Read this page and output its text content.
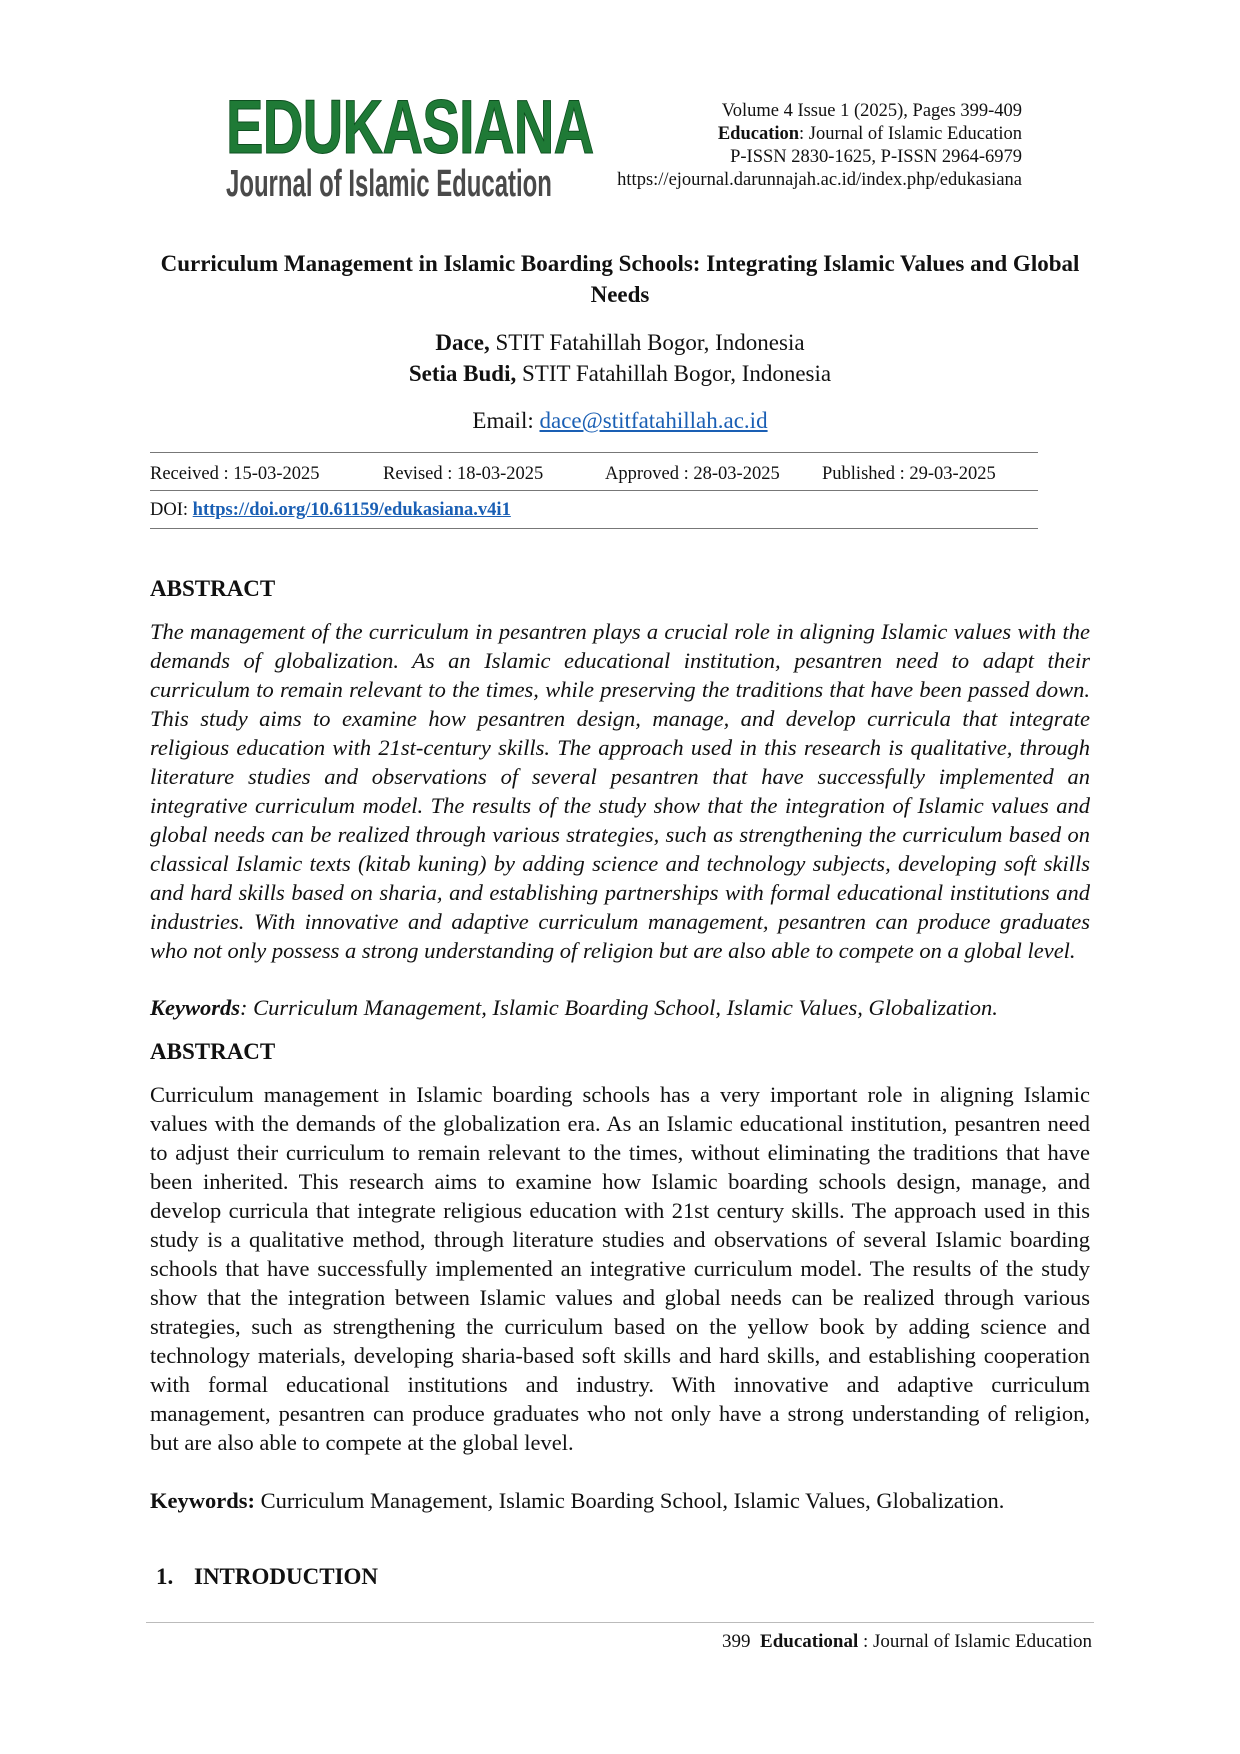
EDUKASIANA
Journal of Islamic Education
Volume 4 Issue 1 (2025), Pages 399-409
Education: Journal of Islamic Education
P-ISSN 2830-1625, P-ISSN 2964-6979
https://ejournal.darunnajah.ac.id/index.php/edukasiana
Curriculum Management in Islamic Boarding Schools: Integrating Islamic Values and Global Needs
Dace, STIT Fatahillah Bogor, Indonesia
Setia Budi, STIT Fatahillah Bogor, Indonesia
Email: dace@stitfatahillah.ac.id
Received : 15-03-2025	Revised : 18-03-2025	Approved : 28-03-2025 Published : 29-03-2025
DOI: https://doi.org/10.61159/edukasiana.v4i1
ABSTRACT

The management of the curriculum in pesantren plays a crucial role in aligning Islamic values with the demands of globalization. As an Islamic educational institution, pesantren need to adapt their curriculum to remain relevant to the times, while preserving the traditions that have been passed down. This study aims to examine how pesantren design, manage, and develop curricula that integrate religious education with 21st-century skills. The approach used in this research is qualitative, through literature studies and observations of several pesantren that have successfully implemented an integrative curriculum model. The results of the study show that the integration of Islamic values and global needs can be realized through various strategies, such as strengthening the curriculum based on classical Islamic texts (kitab kuning) by adding science and technology subjects, developing soft skills and hard skills based on sharia, and establishing partnerships with formal educational institutions and industries. With innovative and adaptive curriculum management, pesantren can produce graduates who not only possess a strong understanding of religion but are also able to compete on a global level.

Keywords: Curriculum Management, Islamic Boarding School, Islamic Values, Globalization.
ABSTRACT

Curriculum management in Islamic boarding schools has a very important role in aligning Islamic values with the demands of the globalization era. As an Islamic educational institution, pesantren need to adjust their curriculum to remain relevant to the times, without eliminating the traditions that have been inherited. This research aims to examine how Islamic boarding schools design, manage, and develop curricula that integrate religious education with 21st century skills. The approach used in this study is a qualitative method, through literature studies and observations of several Islamic boarding schools that have successfully implemented an integrative curriculum model. The results of the study show that the integration between Islamic values and global needs can be realized through various strategies, such as strengthening the curriculum based on the yellow book by adding science and technology materials, developing sharia-based soft skills and hard skills, and establishing cooperation with formal educational institutions and industry. With innovative and adaptive curriculum management, pesantren can produce graduates who not only have a strong understanding of religion, but are also able to compete at the global level.

Keywords: Curriculum Management, Islamic Boarding School, Islamic Values, Globalization.
1. INTRODUCTION
399 Educational : Journal of Islamic Education
